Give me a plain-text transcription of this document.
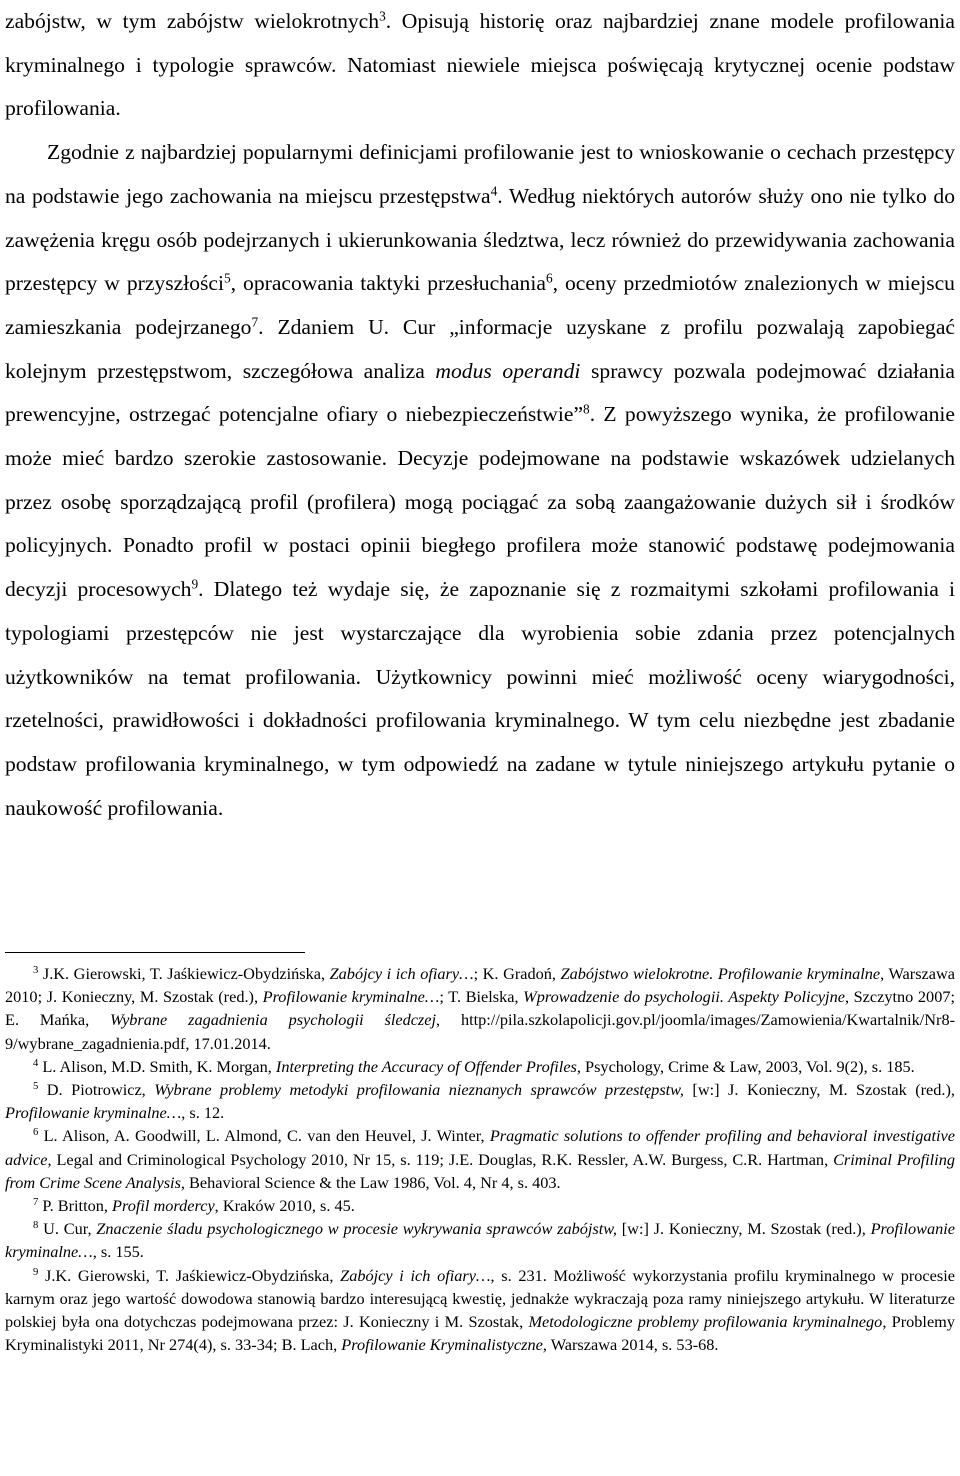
zabójstw, w tym zabójstw wielokrotnych$^3$. Opisują historię oraz najbardziej znane modele profilowania kryminalnego i typologie sprawców. Natomiast niewiele miejsca poświęcają krytycznej ocenie podstaw profilowania.

Zgodnie z najbardziej popularnymi definicjami profilowanie jest to wnioskowanie o cechach przestępcy na podstawie jego zachowania na miejscu przestępstwa$^4$. Według niektórych autorów służy ono nie tylko do zawężenia kręgu osób podejrzanych i ukierunkowania śledztwa, lecz również do przewidywania zachowania przestępcy w przyszłości$^5$, opracowania taktyki przesłuchania$^6$, oceny przedmiotów znalezionych w miejscu zamieszkania podejrzanego$^7$. Zdaniem U. Cur „informacje uzyskane z profilu pozwalają zapobiegać kolejnym przestępstwom, szczegółowa analiza modus operandi sprawcy pozwala podejmować działania prewencyjne, ostrzegać potencjalne ofiary o niebezpieczeństwie”$^8$. Z powyższego wynika, że profilowanie może mieć bardzo szerokie zastosowanie. Decyzje podejmowane na podstawie wskazówek udzielanych przez osobę sporządzającą profil (profilera) mogą pociągać za sobą zaangażowanie dużych sił i środków policyjnych. Ponadto profil w postaci opinii biegłego profilera może stanowić podstawę podejmowania decyzji procesowych$^9$. Dlatego też wydaje się, że zapoznanie się z rozmaitymi szkołami profilowania i typologiami przestępców nie jest wystarczające dla wyrobienia sobie zdania przez potencjalnych użytkowników na temat profilowania. Użytkownicy powinni mieć możliwość oceny wiarygodności, rzetelności, prawidłowości i dokładności profilowania kryminalnego. W tym celu niezbędne jest zbadanie podstaw profilowania kryminalnego, w tym odpowiedź na zadane w tytule niniejszego artykułu pytanie o naukowość profilowania.

$^3$ J.K. Gierowski, T. Jaśkiewicz-Obydzińska, Zabójcy i ich ofiary…; K. Gradoń, Zabójstwo wielokrotne. Profilowanie kryminalne, Warszawa 2010; J. Konieczny, M. Szostak (red.), Profilowanie kryminalne…; T. Bielska, Wprowadzenie do psychologii. Aspekty Policyjne, Szczytno 2007; E. Mańka, Wybrane zagadnienia psychologii śledczej, http://pila.szkolapolicji.gov.pl/joomla/images/Zamowienia/Kwartalnik/Nr8-9/wybrane_zagadnienia.pdf, 17.01.2014.

$^4$ L. Alison, M.D. Smith, K. Morgan, Interpreting the Accuracy of Offender Profiles, Psychology, Crime & Law, 2003, Vol. 9(2), s. 185.

$^5$ D. Piotrowicz, Wybrane problemy metodyki profilowania nieznanych sprawców przestępstw, [w:] J. Konieczny, M. Szostak (red.), Profilowanie kryminalne…, s. 12.

$^6$ L. Alison, A. Goodwill, L. Almond, C. van den Heuvel, J. Winter, Pragmatic solutions to offender profiling and behavioral investigative advice, Legal and Criminological Psychology 2010, Nr 15, s. 119; J.E. Douglas, R.K. Ressler, A.W. Burgess, C.R. Hartman, Criminal Profiling from Crime Scene Analysis, Behavioral Science & the Law 1986, Vol. 4, Nr 4, s. 403.

$^7$ P. Britton, Profil mordercy, Kraków 2010, s. 45.

$^8$ U. Cur, Znaczenie śladu psychologicznego w procesie wykrywania sprawców zabójstw, [w:] J. Konieczny, M. Szostak (red.), Profilowanie kryminalne…, s. 155.

$^9$ J.K. Gierowski, T. Jaśkiewicz-Obydzińska, Zabójcy i ich ofiary…, s. 231. Możliwość wykorzystania profilu kryminalnego w procesie karnym oraz jego wartość dowodowa stanowią bardzo interesującą kwestię, jednakże wykraczają poza ramy niniejszego artykułu. W literaturze polskiej była ona dotychczas podejmowana przez: J. Konieczny i M. Szostak, Metodologiczne problemy profilowania kryminalnego, Problemy Kryminalistyki 2011, Nr 274(4), s. 33-34; B. Lach, Profilowanie Kryminalistyczne, Warszawa 2014, s. 53-68.
